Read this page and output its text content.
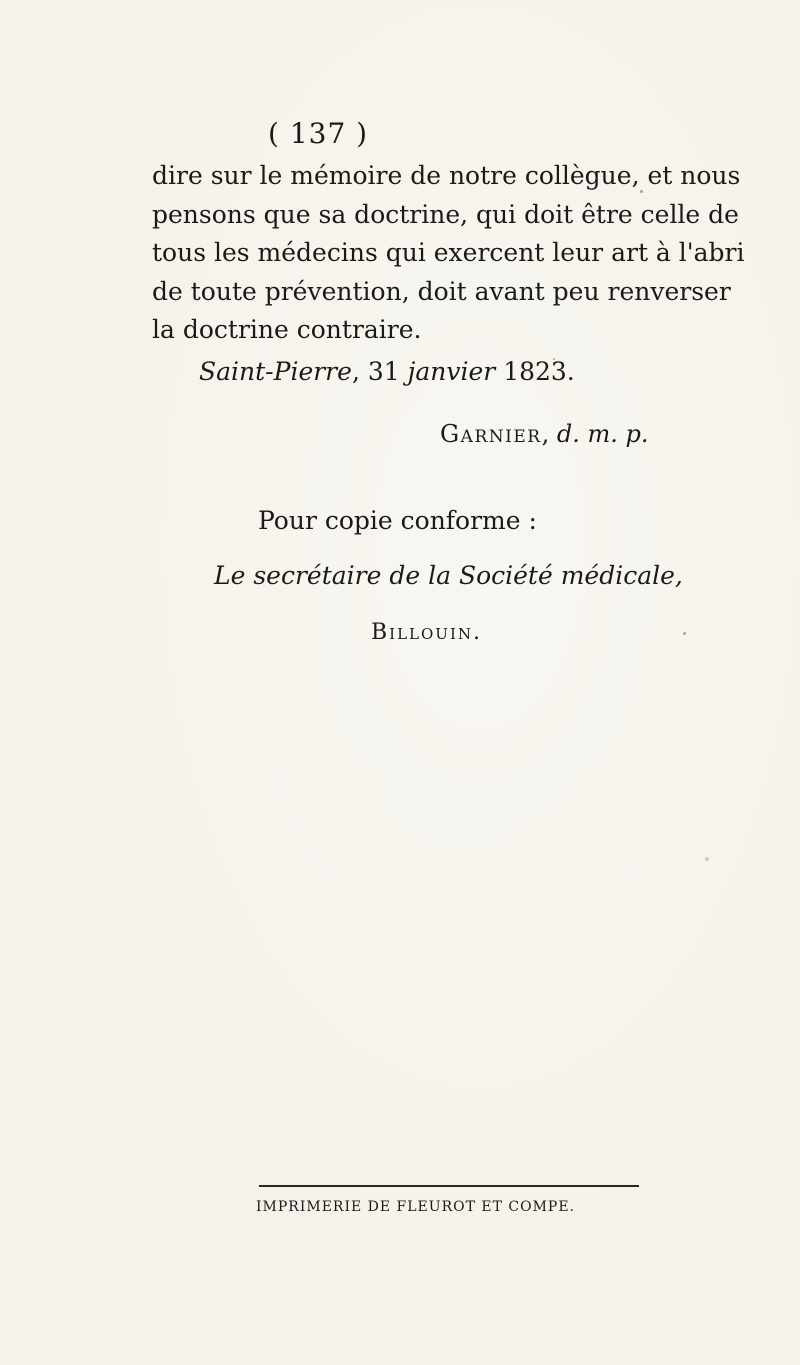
( 137 )
dire sur le mémoire de notre collègue, et nous
pensons que sa doctrine, qui doit être celle de
tous les médecins qui exercent leur art à l'abri
de toute prévention, doit avant peu renverser
la doctrine contraire.
Saint-Pierre, 31 janvier 1823.
Garnier, d. m. p.
Pour copie conforme :
Le secrétaire de la Société médicale,
Billouin.
IMPRIMERIE DE FLEUROT ET COMPE.
